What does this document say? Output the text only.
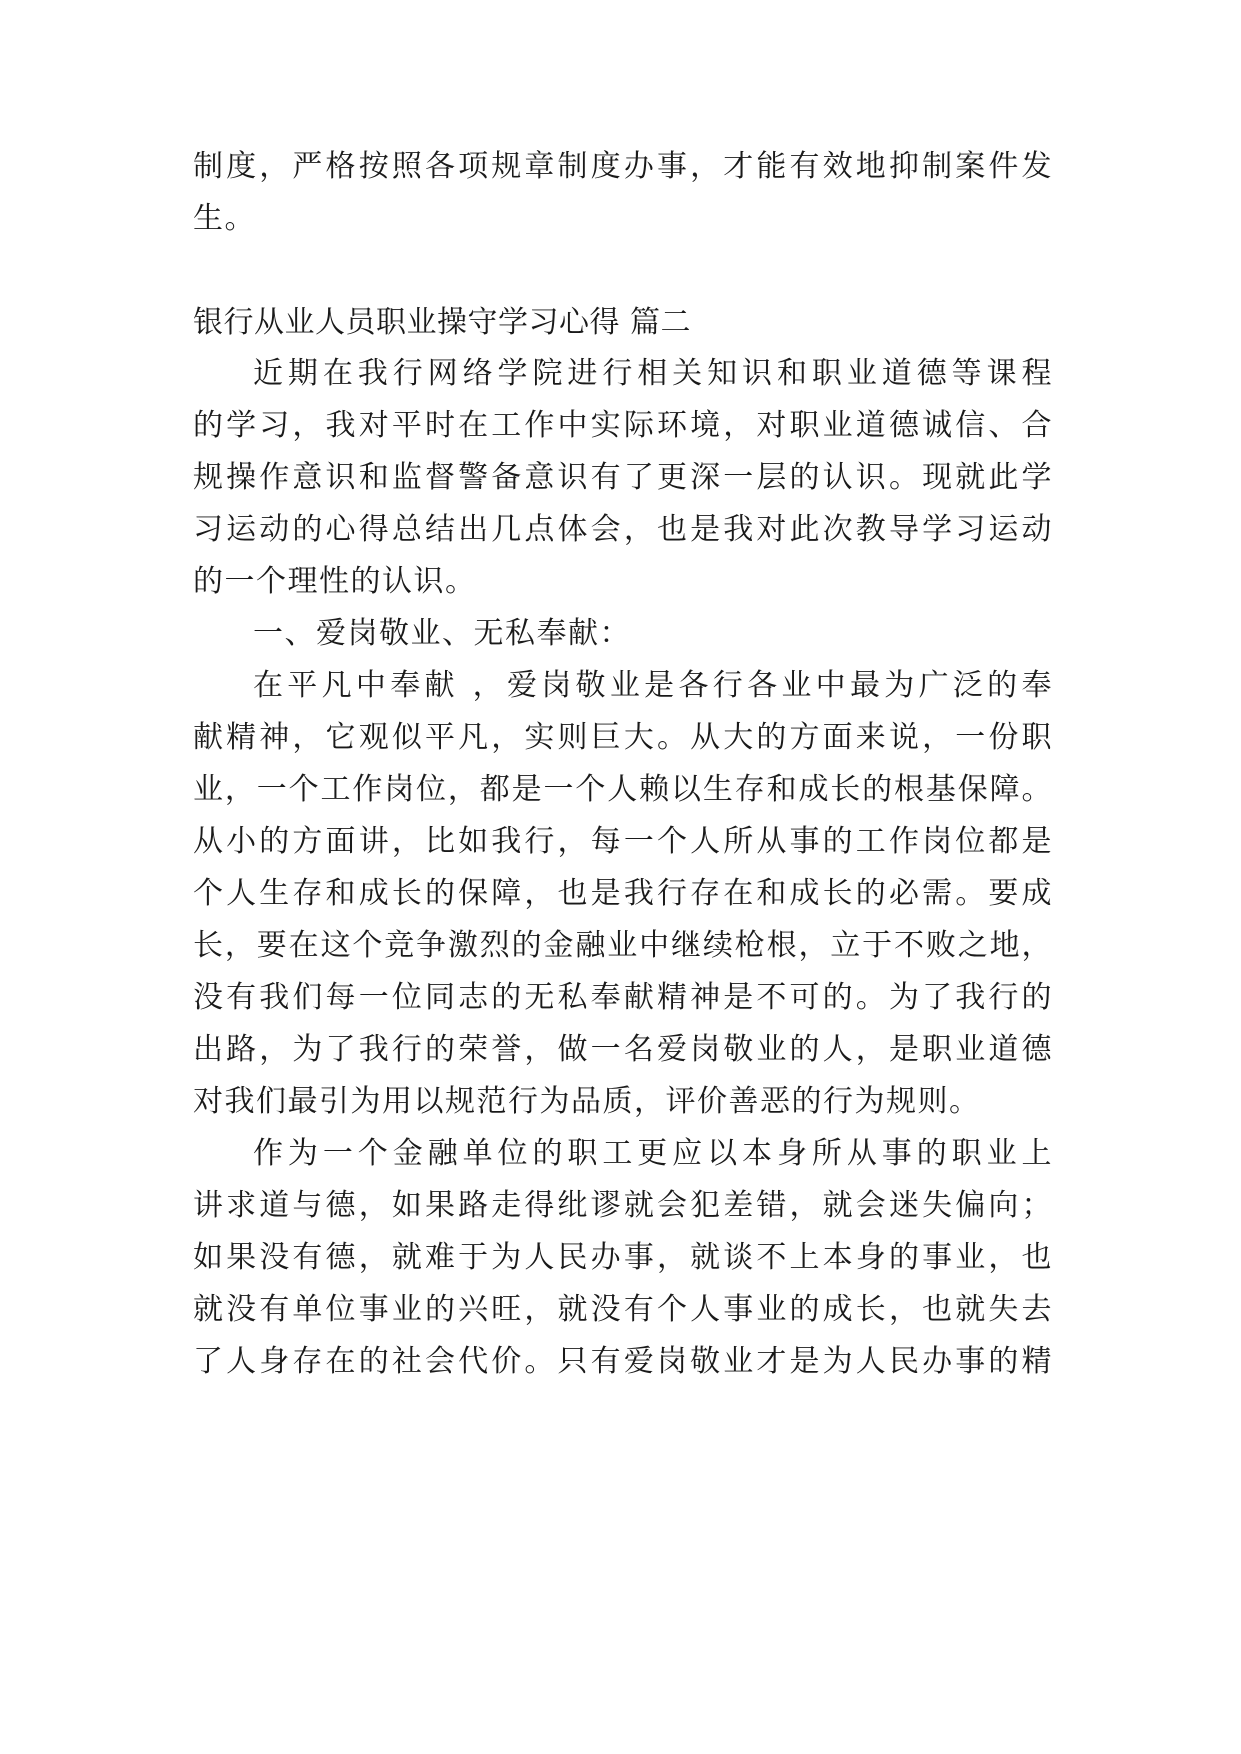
制度，严格按照各项规章制度办事，才能有效地抑制案件发
生。
银行从业人员职业操守学习心得 篇二
近期在我行网络学院进行相关知识和职业道德等课程
的学习，我对平时在工作中实际环境，对职业道德诚信、合
规操作意识和监督警备意识有了更深一层的认识。现就此学
习运动的心得总结出几点体会，也是我对此次教导学习运动
的一个理性的认识。
一、爱岗敬业、无私奉献：
在平凡中奉献 ，爱岗敬业是各行各业中最为广泛的奉
献精神，它观似平凡，实则巨大。从大的方面来说，一份职
业，一个工作岗位，都是一个人赖以生存和成长的根基保障。
从小的方面讲，比如我行，每一个人所从事的工作岗位都是
个人生存和成长的保障，也是我行存在和成长的必需。要成
长，要在这个竞争激烈的金融业中继续枪根，立于不败之地，
没有我们每一位同志的无私奉献精神是不可的。为了我行的
出路，为了我行的荣誉，做一名爱岗敬业的人，是职业道德
对我们最引为用以规范行为品质，评价善恶的行为规则。
作为一个金融单位的职工更应以本身所从事的职业上
讲求道与德，如果路走得纰谬就会犯差错，就会迷失偏向；
如果没有德，就难于为人民办事，就谈不上本身的事业，也
就没有单位事业的兴旺，就没有个人事业的成长，也就失去
了人身存在的社会代价。只有爱岗敬业才是为人民办事的精
